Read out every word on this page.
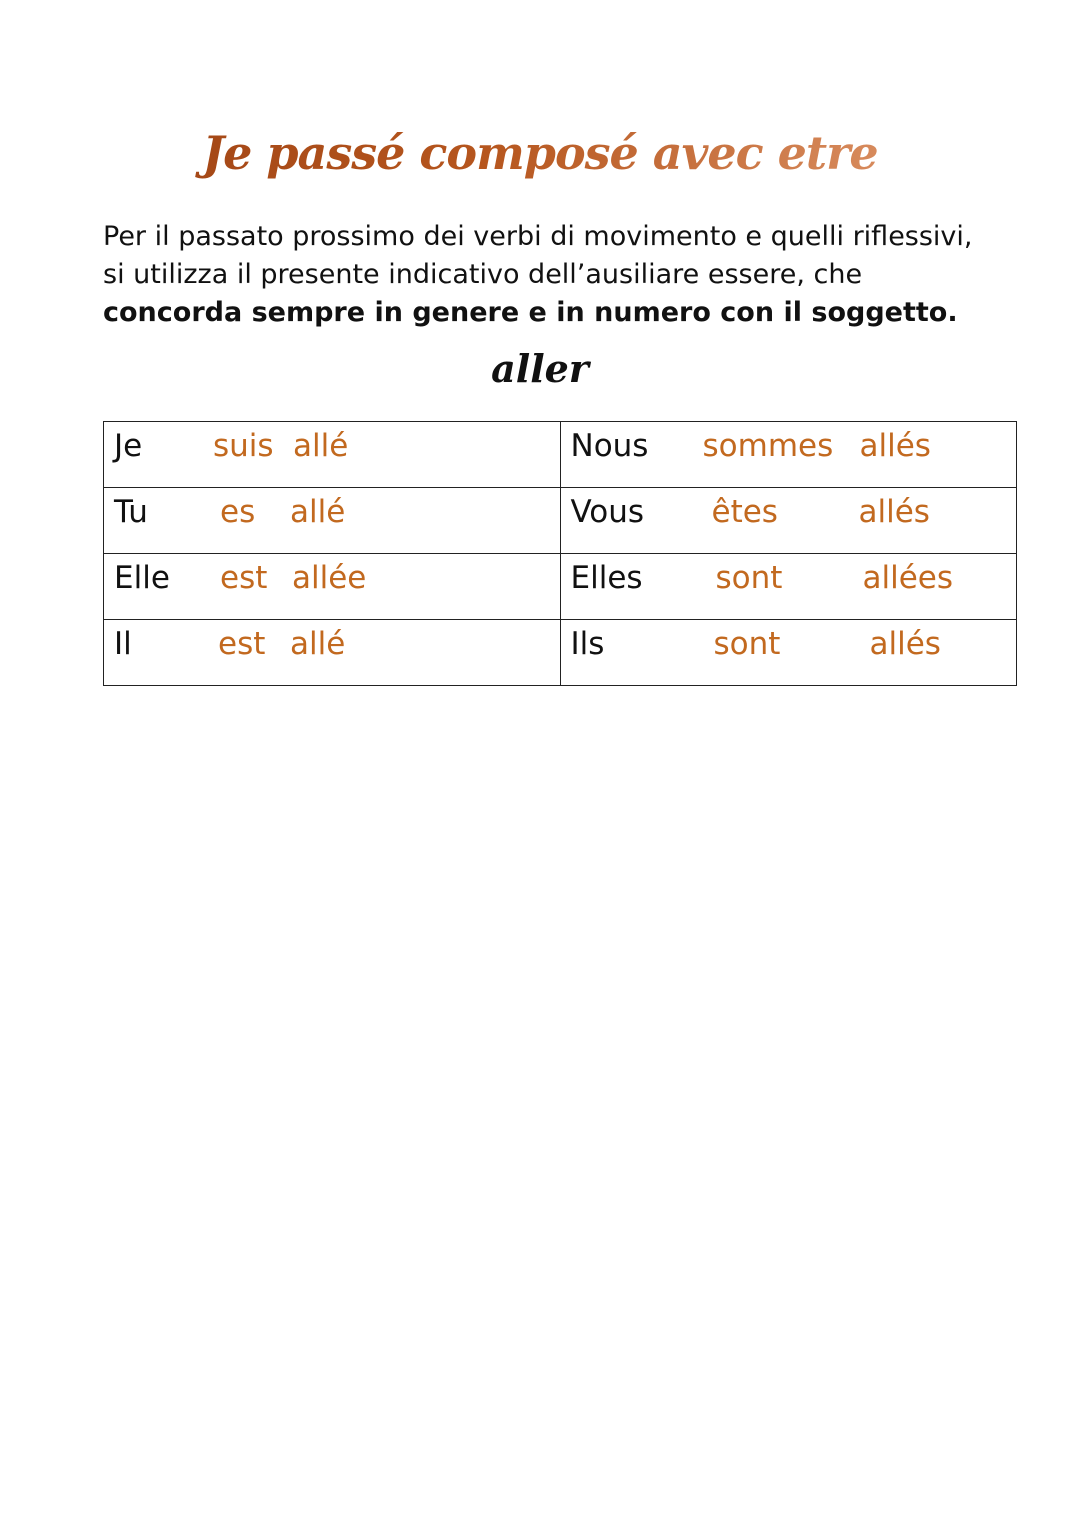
Je passé composé avec etre

Per il passato prossimo dei verbi di movimento e quelli riflessivi,

si utilizza il presente indicativo dell’ausiliare essere, che

concorda sempre in genere e in numero con il soggetto.

aller
Je suis allé	Nous sommes allés

Tu es allé	Vous êtes allés

Elle est allée	Elles sont allées

Il est allé	Ils sont allés
